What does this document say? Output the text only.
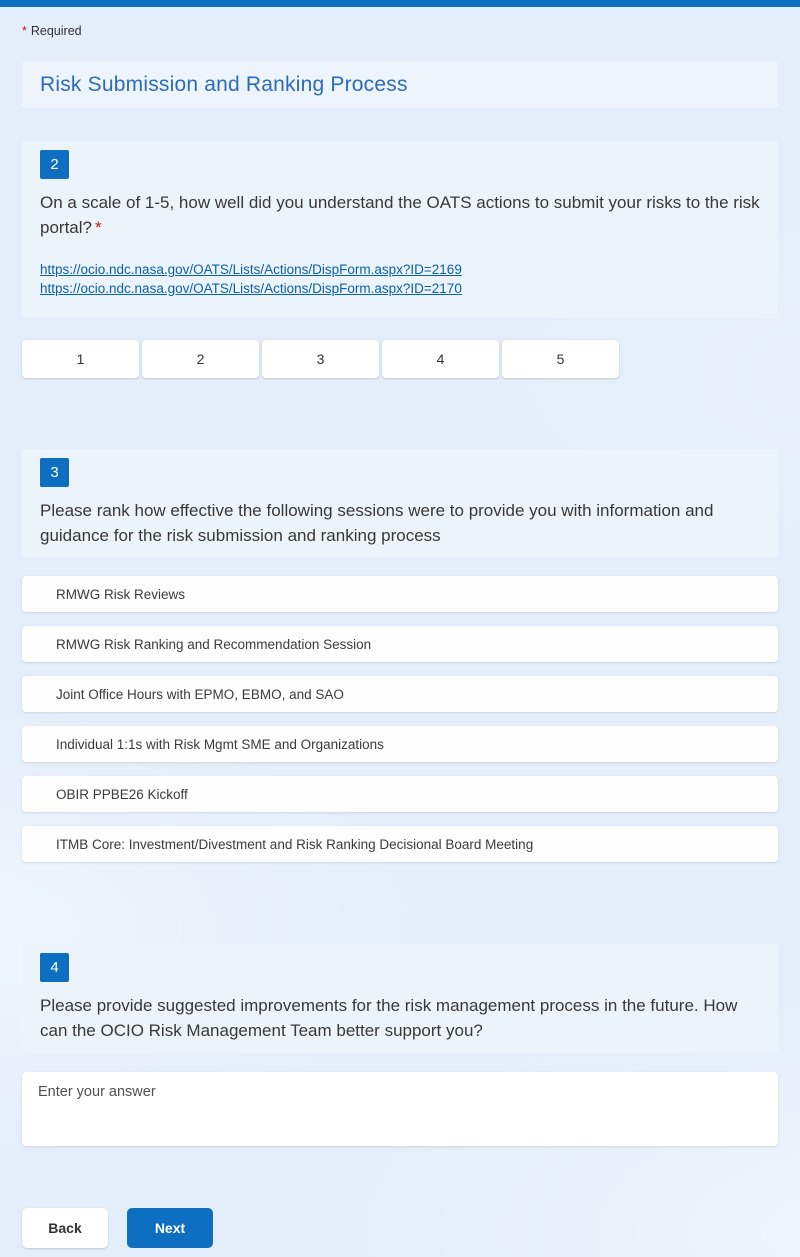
* Required
Risk Submission and Ranking Process
2
On a scale of 1-5, how well did you understand the OATS actions to submit your risks to the risk portal? *
https://ocio.ndc.nasa.gov/OATS/Lists/Actions/DispForm.aspx?ID=2169
https://ocio.ndc.nasa.gov/OATS/Lists/Actions/DispForm.aspx?ID=2170
1	2	3	4	5
3
Please rank how effective the following sessions were to provide you with information and guidance for the risk submission and ranking process
RMWG Risk Reviews
RMWG Risk Ranking and Recommendation Session
Joint Office Hours with EPMO, EBMO, and SAO
Individual 1:1s with Risk Mgmt SME and Organizations
OBIR PPBE26 Kickoff
ITMB Core: Investment/Divestment and Risk Ranking Decisional Board Meeting
4
Please provide suggested improvements for the risk management process in the future. How can the OCIO Risk Management Team better support you?
Enter your answer
Back	Next
